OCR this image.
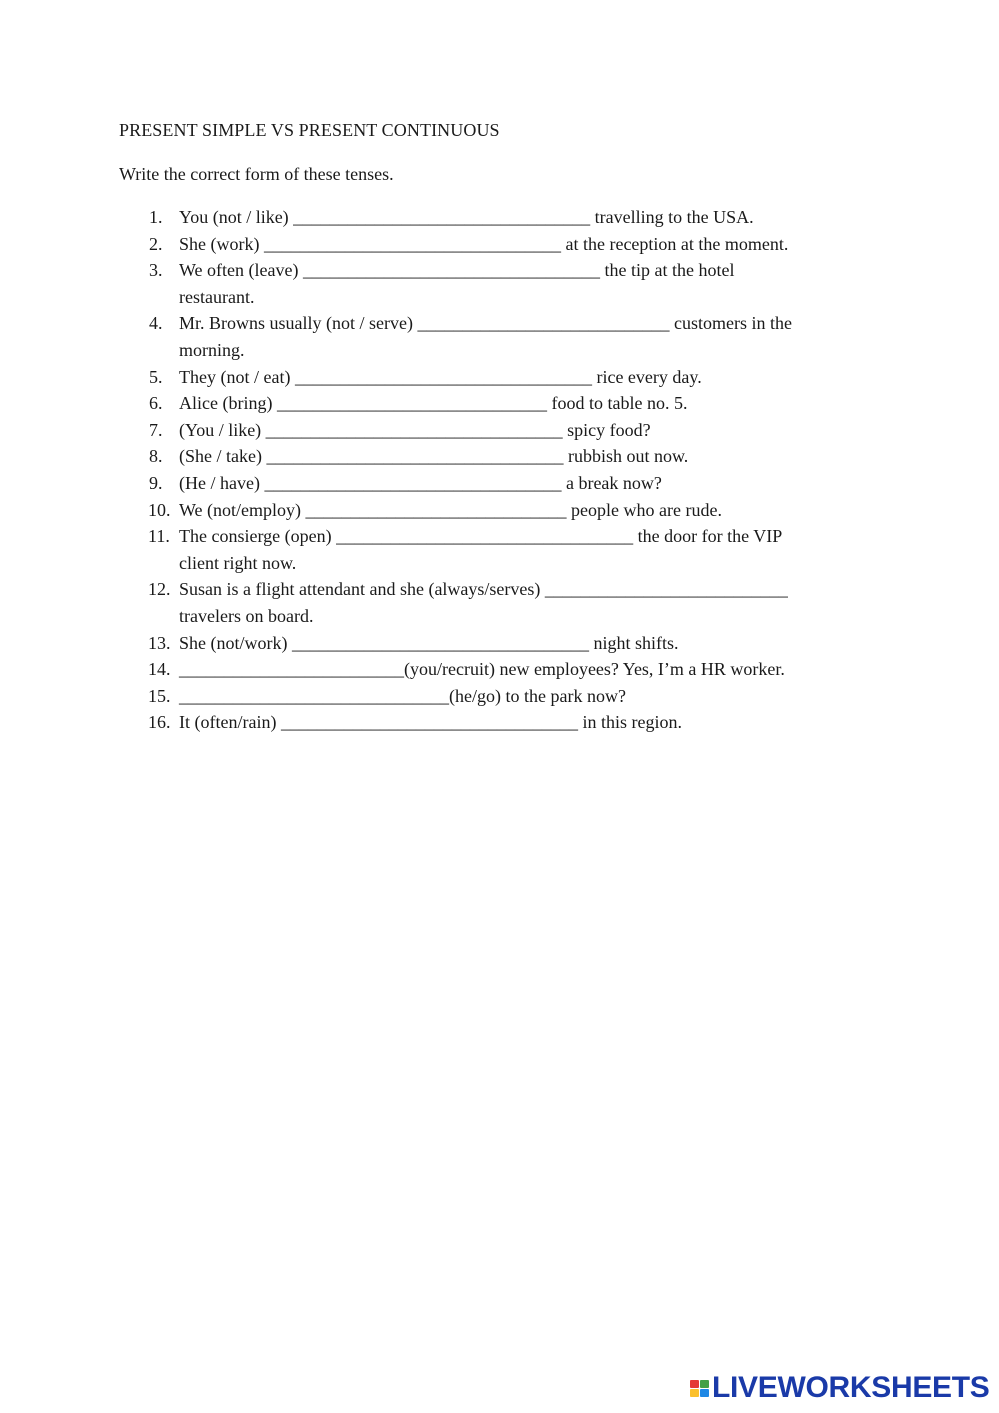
PRESENT SIMPLE VS PRESENT CONTINUOUS
Write the correct form of these tenses.
1. You (not / like) _________________________________ travelling to the USA.
2. She (work) _________________________________ at the reception at the moment.
3. We often (leave) _________________________________ the tip at the hotel
restaurant.
4. Mr. Browns usually (not / serve) ____________________________ customers in the
morning.
5. They (not / eat) _________________________________ rice every day.
6. Alice (bring) ______________________________ food to table no. 5.
7. (You / like) _________________________________ spicy food?
8. (She / take) _________________________________ rubbish out now.
9. (He / have) _________________________________ a break now?
10. We (not/employ) _____________________________ people who are rude.
11. The consierge (open) _________________________________ the door for the VIP
client right now.
12. Susan is a flight attendant and she (always/serves) ___________________________
travelers on board.
13. She (not/work) _________________________________ night shifts.
14. _________________________(you/recruit) new employees? Yes, I’m a HR worker.
15. ______________________________(he/go) to the park now?
16. It (often/rain) _________________________________ in this region.
LIVEWORKSHEETS
